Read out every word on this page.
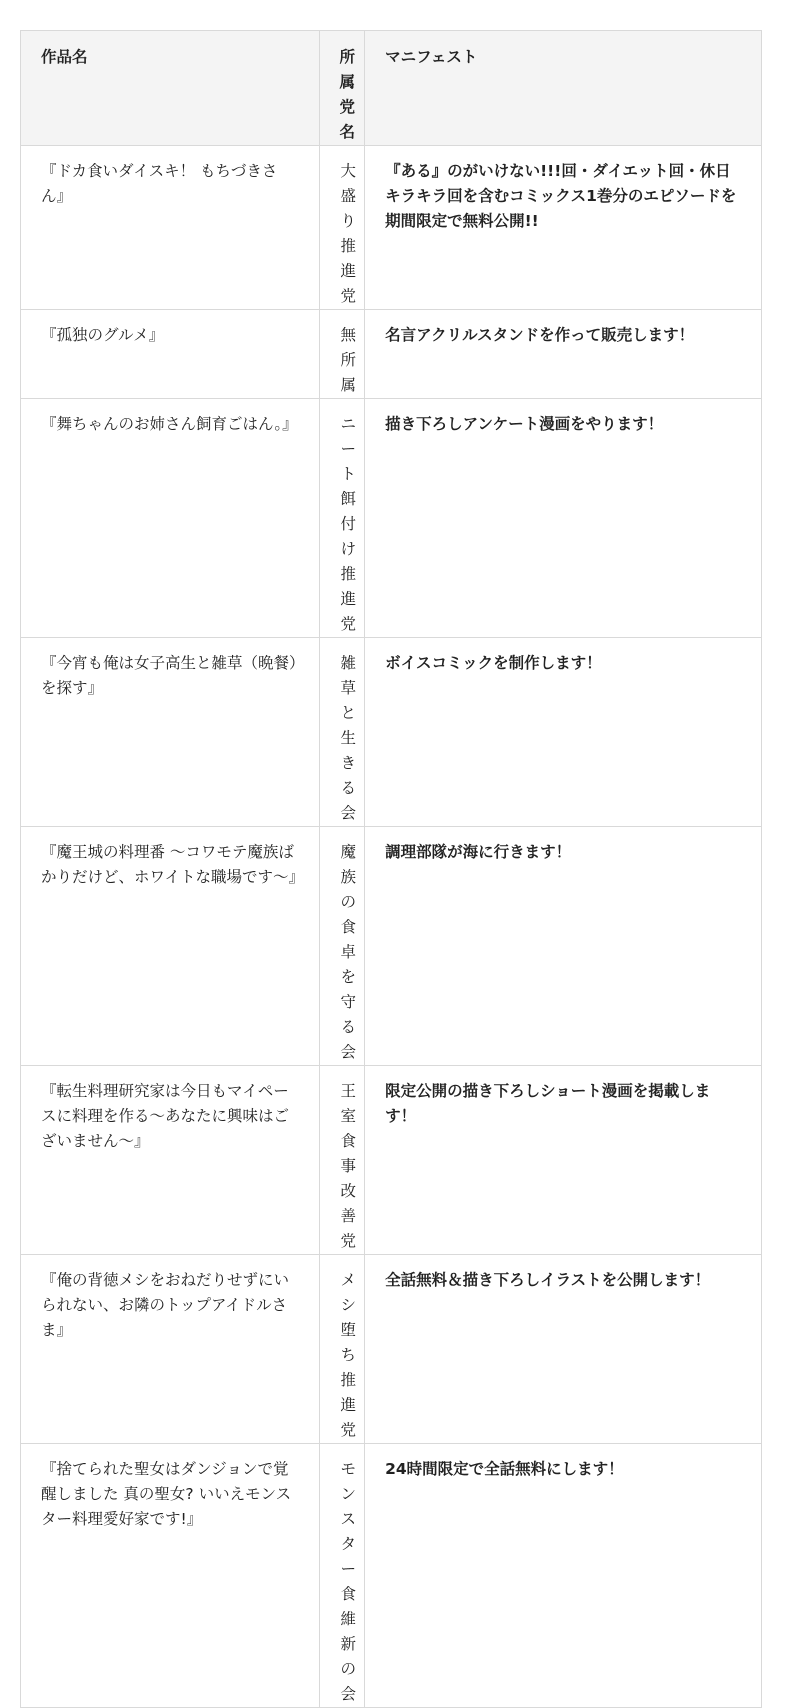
作品名	所属党名	マニフェスト
『ドカ食いダイスキ！ もちづきさん』	大盛り推進党	『ある』のがいけない!!!回・ダイエット回・休日キラキラ回を含むコミックス1巻分のエピソードを期間限定で無料公開!!
『孤独のグルメ』	無所属	名言アクリルスタンドを作って販売します！
『舞ちゃんのお姉さん飼育ごはん。』	ニート餌付け推進党	描き下ろしアンケート漫画をやります！
『今宵も俺は女子高生と雑草（晩餐）を探す』	雑草と生きる会	ボイスコミックを制作します！
『魔王城の料理番 〜コワモテ魔族ばかりだけど、ホワイトな職場です〜』	魔族の食卓を守る会	調理部隊が海に行きます！
『転生料理研究家は今日もマイペースに料理を作る〜あなたに興味はございません〜』	王室食事改善党	限定公開の描き下ろしショート漫画を掲載します！
『俺の背徳メシをおねだりせずにいられない、お隣のトップアイドルさま』	メシ堕ち推進党	全話無料＆描き下ろしイラストを公開します！
『捨てられた聖女はダンジョンで覚醒しました 真の聖女? いいえモンスター料理愛好家です!』	モンスター食維新の会	24時間限定で全話無料にします！
